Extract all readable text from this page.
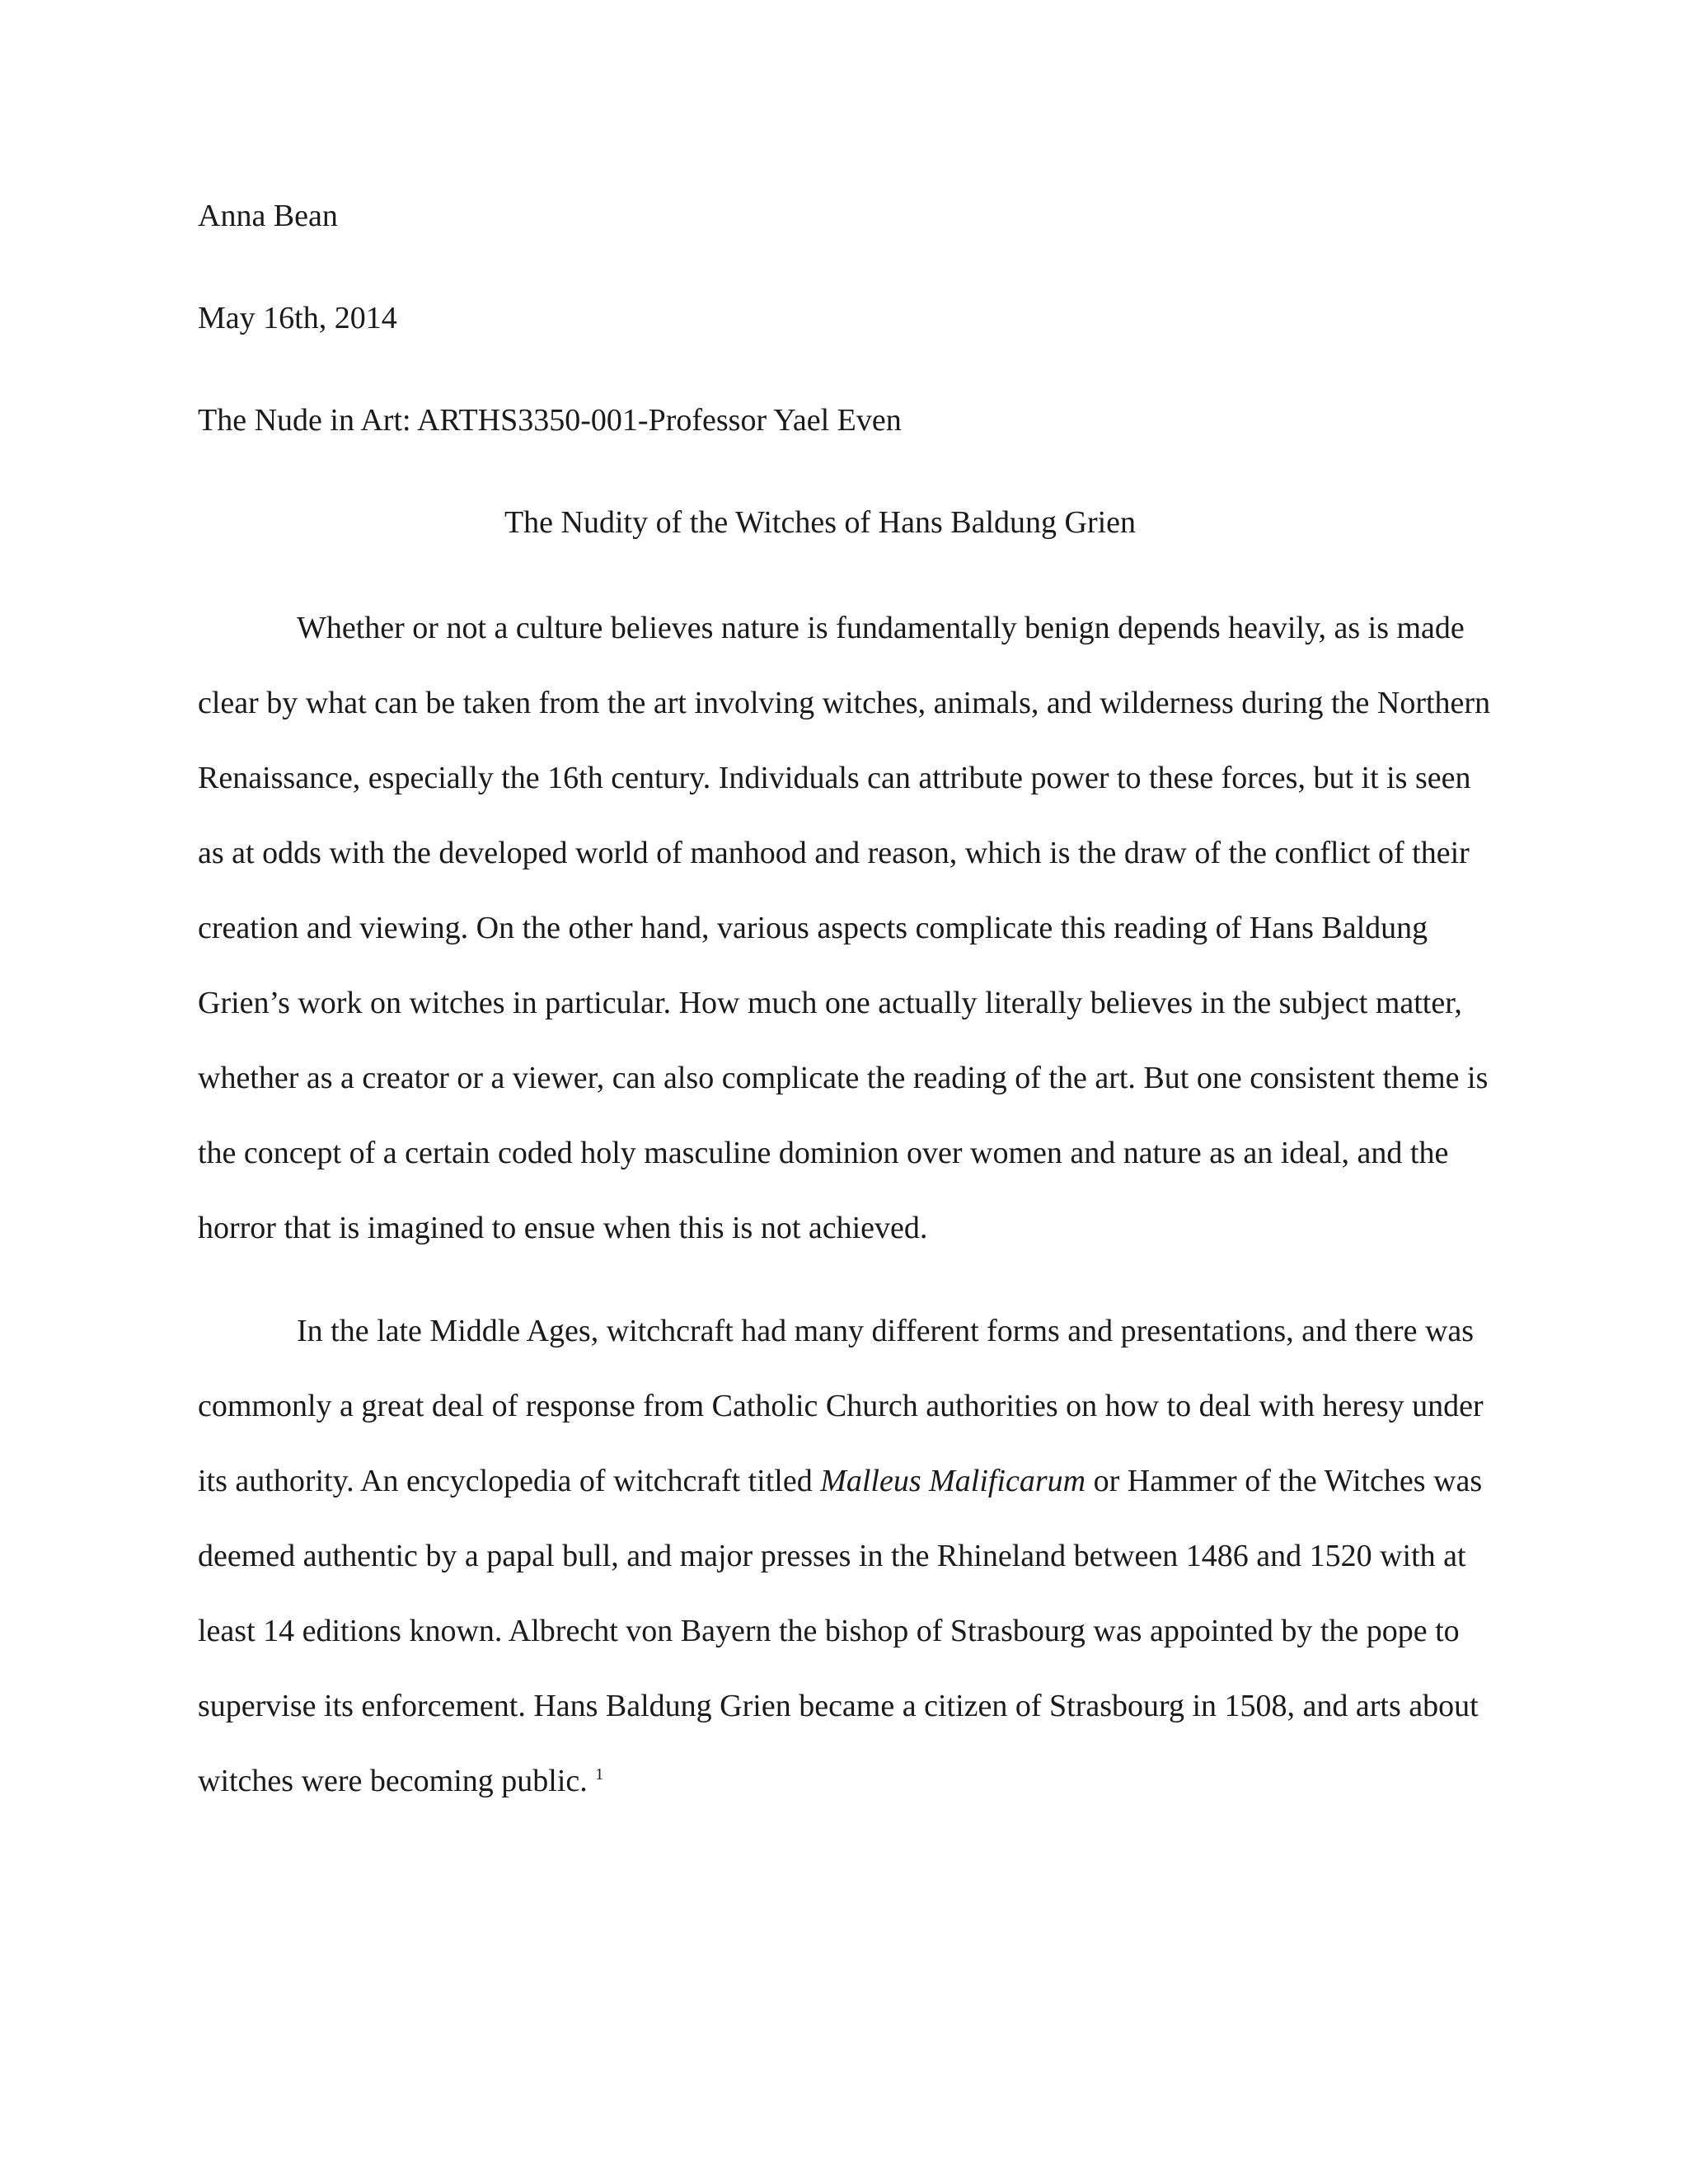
Anna Bean
May 16th, 2014
The Nude in Art: ARTHS3350-001-Professor Yael Even
The Nudity of the Witches of Hans Baldung Grien

Whether or not a culture believes nature is fundamentally benign depends heavily, as is made clear by what can be taken from the art involving witches, animals, and wilderness during the Northern Renaissance, especially the 16th century. Individuals can attribute power to these forces, but it is seen as at odds with the developed world of manhood and reason, which is the draw of the conflict of their creation and viewing. On the other hand, various aspects complicate this reading of Hans Baldung Grien’s work on witches in particular. How much one actually literally believes in the subject matter, whether as a creator or a viewer, can also complicate the reading of the art. But one consistent theme is the concept of a certain coded holy masculine dominion over women and nature as an ideal, and the horror that is imagined to ensue when this is not achieved.

In the late Middle Ages, witchcraft had many different forms and presentations, and there was commonly a great deal of response from Catholic Church authorities on how to deal with heresy under its authority. An encyclopedia of witchcraft titled Malleus Malificarum or Hammer of the Witches was deemed authentic by a papal bull, and major presses in the Rhineland between 1486 and 1520 with at least 14 editions known. Albrecht von Bayern the bishop of Strasbourg was appointed by the pope to supervise its enforcement. Hans Baldung Grien became a citizen of Strasbourg in 1508, and arts about witches were becoming public. $^1$
